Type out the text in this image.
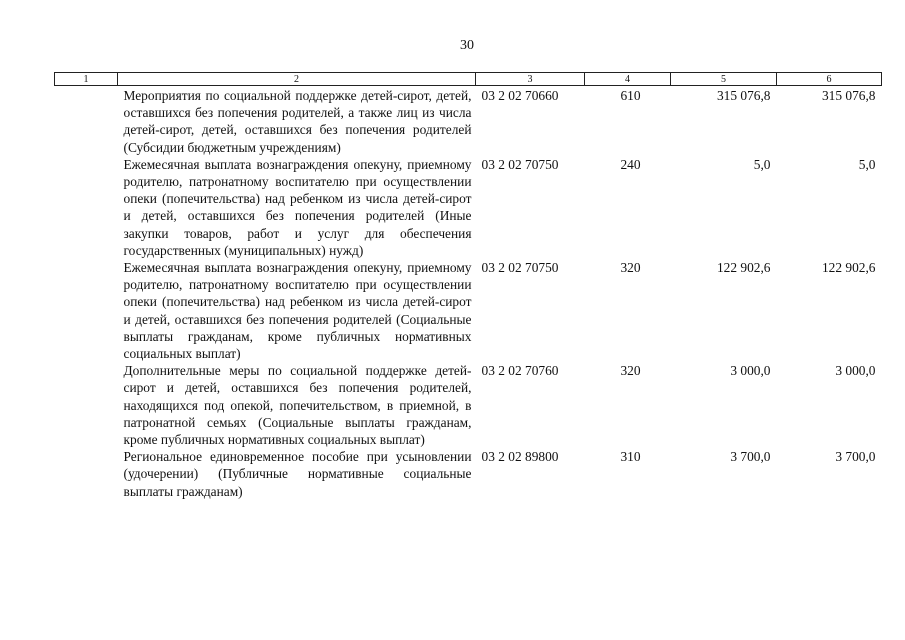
30
1	2	3	4	5	6
	Мероприятия по социальной поддержке детей-сирот, детей, оставшихся без попечения родителей, а также лиц из числа детей-сирот, детей, оставшихся без попечения родителей (Субсидии бюджетным учреждениям)	03 2 02 70660	610	315 076,8	315 076,8
	Ежемесячная выплата вознаграждения опекуну, приемному родителю, патронатному воспитателю при осуществлении опеки (попечительства) над ребенком из числа детей-сирот и детей, оставшихся без попечения родителей (Иные закупки товаров, работ и услуг для обеспечения государственных (муниципальных) нужд)	03 2 02 70750	240	5,0	5,0
	Ежемесячная выплата вознаграждения опекуну, приемному родителю, патронатному воспитателю при осуществлении опеки (попечительства) над ребенком из числа детей-сирот и детей, оставшихся без попечения родителей (Социальные выплаты гражданам, кроме публичных нормативных социальных выплат)	03 2 02 70750	320	122 902,6	122 902,6
	Дополнительные меры по социальной поддержке детей-сирот и детей, оставшихся без попечения родителей, находящихся под опекой, попечительством, в приемной, в патронатной семьях (Социальные выплаты гражданам, кроме публичных нормативных социальных выплат)	03 2 02 70760	320	3 000,0	3 000,0
	Региональное единовременное пособие при усыновлении (удочерении) (Публичные нормативные социальные выплаты гражданам)	03 2 02 89800	310	3 700,0	3 700,0
